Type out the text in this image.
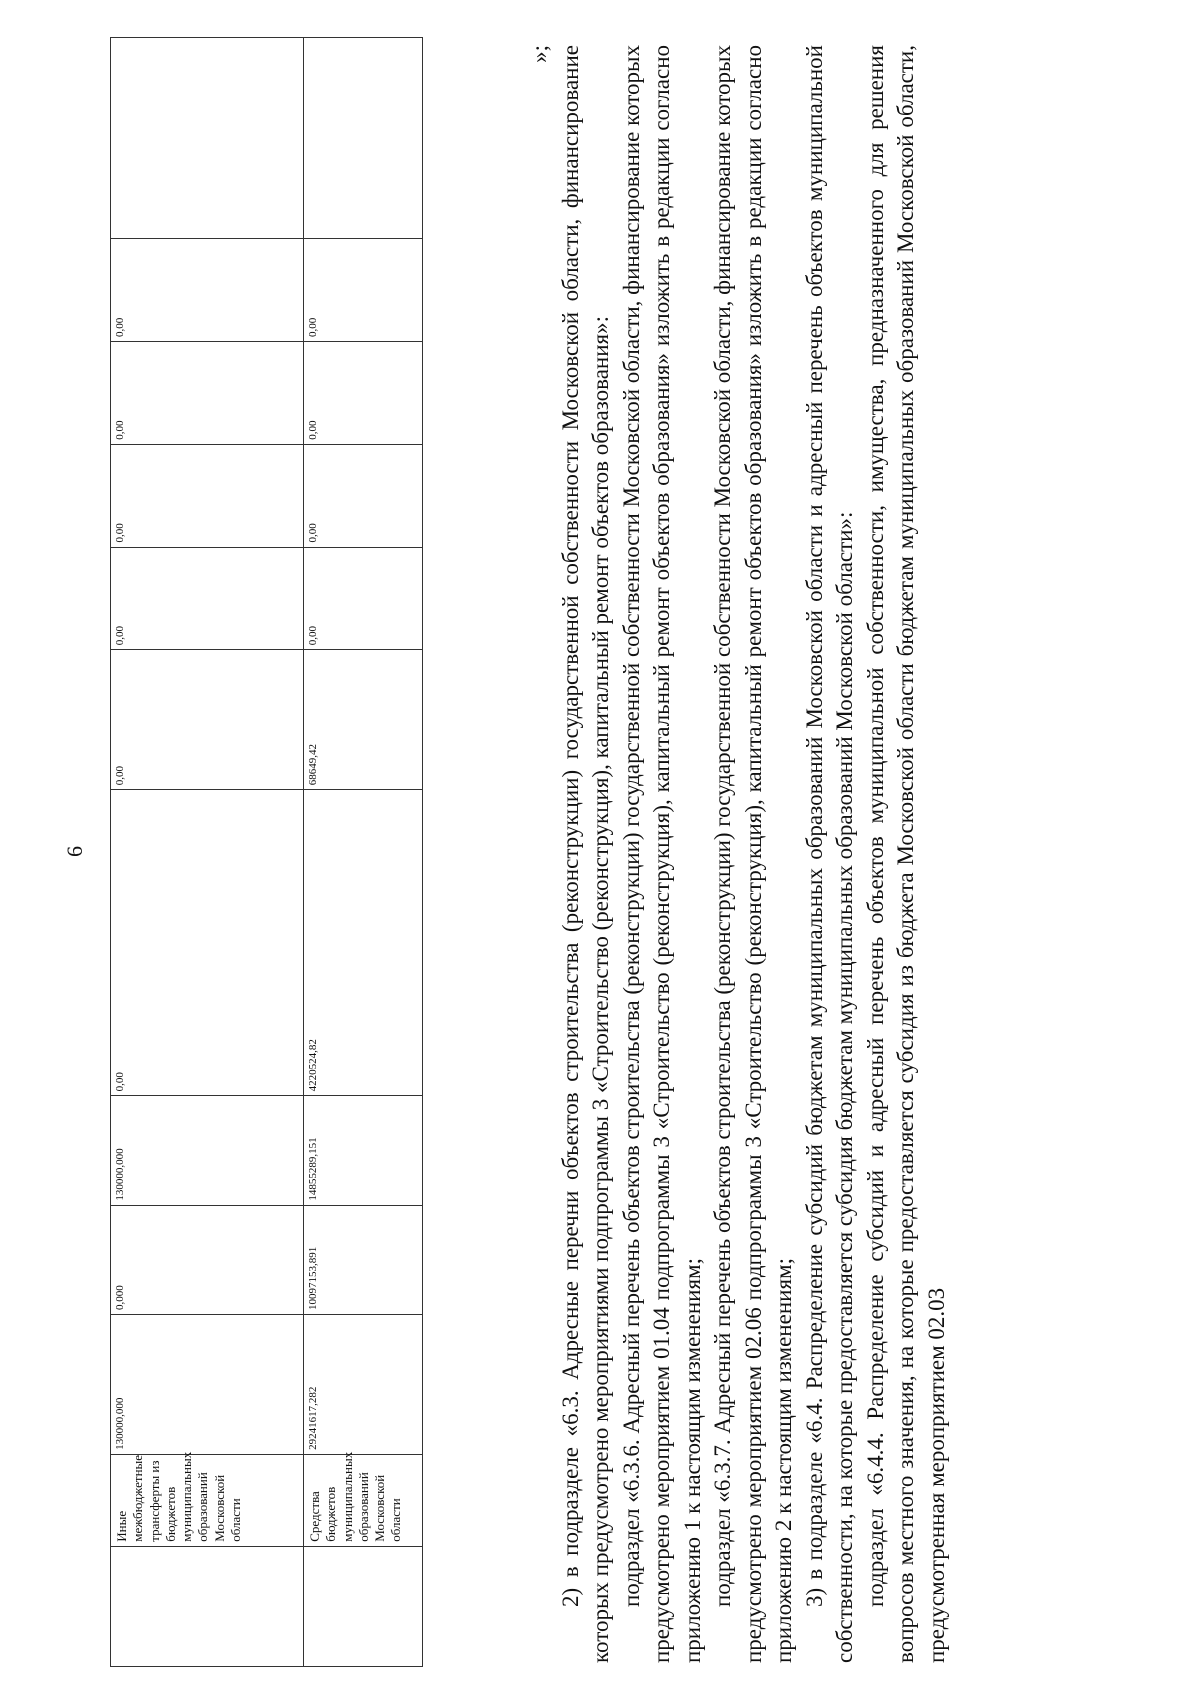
6
	Иные межбюджетные трансферты из бюджетов муниципальных образований Московской области	130000,000	0,000	130000,000	0,00	0,00	0,00	0,00	0,00	0,00	
	Средства бюджетов муниципальных образований Московской области	29241617,282	10097153,891	14855289,151	4220524,82	68649,42	0,00	0,00	0,00	0,00	

»; 2) в подразделе «6.3. Адресные перечни объектов строительства (реконструкции) государственной собственности Московской области, финансирование которых предусмотрено мероприятиями подпрограммы 3 «Строительство (реконструкция), капитальный ремонт объектов образования»: подраздел «6.3.6. Адресный перечень объектов строительства (реконструкции) государственной собственности Московской области, финансирование которых предусмотрено мероприятием 01.04 подпрограммы 3 «Строительство (реконструкция), капитальный ремонт объектов образования» изложить в редакции согласно приложению 1 к настоящим изменениям; подраздел «6.3.7. Адресный перечень объектов строительства (реконструкции) государственной собственности Московской области, финансирование которых предусмотрено мероприятием 02.06 подпрограммы 3 «Строительство (реконструкция), капитальный ремонт объектов образования» изложить в редакции согласно приложению 2 к настоящим изменениям; 3) в подразделе «6.4. Распределение субсидий бюджетам муниципальных образований Московской области и адресный перечень объектов муниципальной собственности, на которые предоставляется субсидия бюджетам муниципальных образований Московской области»: подраздел «6.4.4. Распределение субсидий и адресный перечень объектов муниципальной собственности, имущества, предназначенного для решения вопросов местного значения, на которые предоставляется субсидия из бюджета Московской области бюджетам муниципальных образований Московской области, предусмотренная мероприятием 02.03
